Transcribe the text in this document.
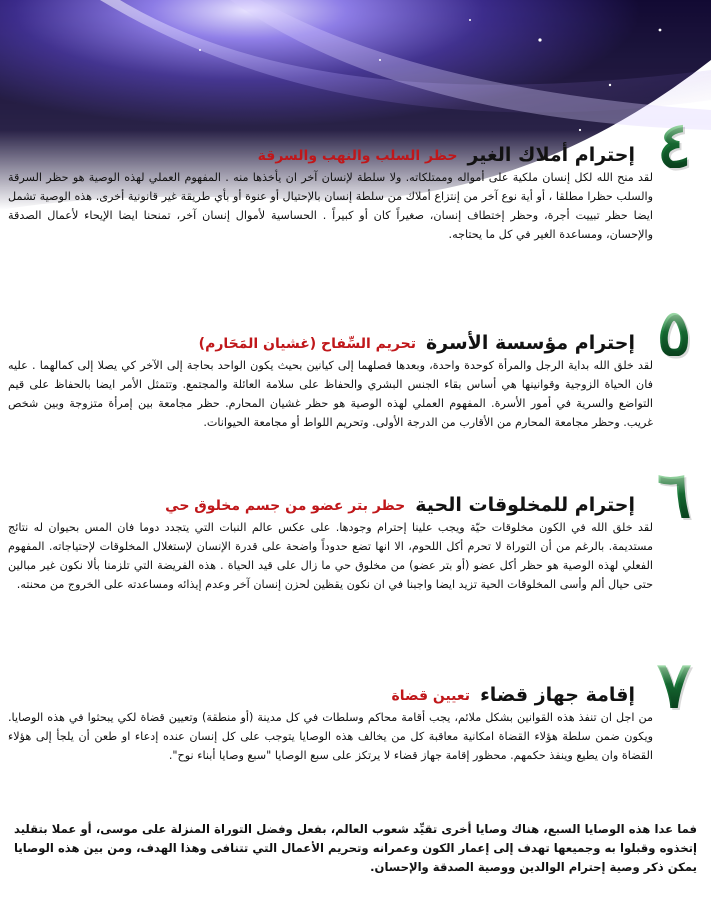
٤
إحترام أملاك الغير
حظر السلب والنهب والسرقة

لقد منح الله لكل إنسان ملكية على أمواله وممتلكاته. ولا سلطة لإنسان آخر ان يأخذها منه . المفهوم العملي لهذه الوصية هو حظر السرقة والسلب حظرا مطلقا ، أو أية نوع آخر من إنتزاع أملاك من سلطة إنسان بالإحتيال أو عنوة أو بأي طريقة غير قانونية أخرى. هذه الوصية تشمل ايضا حظر تبييت أجرة، وحظر إختطاف إنسان، صغيراً كان أو كبيراً . الحساسية لأموال إنسان آخر، تمنحنا ايضا الإيحاء لأعمال الصدقة والإحسان، ومساعدة الغير في كل ما يحتاجه.

٥
إحترام مؤسسة الأسرة
تحريم السِّفاح (غشيان المَحَارم)

لقد خلق الله بداية الرجل والمرأة كوحدة واحدة، وبعدها فصلهما إلى كيانين بحيث يكون الواحد بحاجة إلى الآخر كي يصلا إلى كمالهما . عليه فان الحياة الزوجية وقوانينها هي أساس بقاء الجنس البشري والحفاظ على سلامة العائلة والمجتمع. وتتمثل الأمر ايضا بالحفاظ على قيم التواضع والسرية في أمور الأسرة. المفهوم العملي لهذه الوصية هو حظر غشيان المحارم. حظر مجامعة بين إمرأة متزوجة وبين شخص غريب. وحظر مجامعة المحارم من الأقارب من الدرجة الأولى. وتحريم اللواط أو مجامعة الحيوانات.

٦
إحترام للمخلوقات الحية
حظر بتر عضو من جسم مخلوق حي

لقد خلق الله في الكون مخلوقات حيّة ويجب علينا إحترام وجودها. على عكس عالم النبات التي يتجدد دوما فان المس بحيوان له نتائج مستديمة. بالرغم من أن التوراة لا تحرم أكل اللحوم، الا انها تضع حدوداً واضحة على قدرة الإنسان لإستغلال المخلوقات لإحتياجاته. المفهوم الفعلي لهذه الوصية هو حظر أكل عضو (أو بتر عضو) من مخلوق حي ما زال على قيد الحياة . هذه الفريضة التي تلزمنا بألا نكون غير مبالين حتى حيال ألم وأسى المخلوقات الحية تزيد ايضا واجبنا في ان نكون يقظين لحزن إنسان آخر وعدم إيذائه ومساعدته على الخروج من محنته.

٧
إقامة جهاز قضاء
تعيين قضاة

من اجل ان تنفذ هذه القوانين بشكل ملائم، يجب أقامة محاكم وسلطات في كل مدينة (أو منطقة) وتعيين قضاة لكي يبحثوا في هذه الوصايا. ويكون ضمن سلطة هؤلاء القضاة امكانية معاقبة كل من يخالف هذه الوصايا يتوجب على كل إنسان عنده إدعاء او طعن أن يلجأ إلى هؤلاء القضاة وان يطيع وينفذ حكمهم. محظور إقامة جهاز قضاء لا يرتكز على سبع الوصايا "سبع وصايا أبناء نوح".

فما عدا هذه الوصايا السبع، هناك وصايا أخرى تقيِّد شعوب العالم، بفعل وفضل التوراة المنزلة على موسى، أو عملا بتقليد إتخذوه وقبلوا به وجميعها تهدف إلى إعمار الكون وعمرانه وتحريم الأعمال التي تتنافى وهذا الهدف، ومن بين هذه الوصايا يمكن ذكر وصية إحترام الوالدين ووصية الصدقة والإحسان.
